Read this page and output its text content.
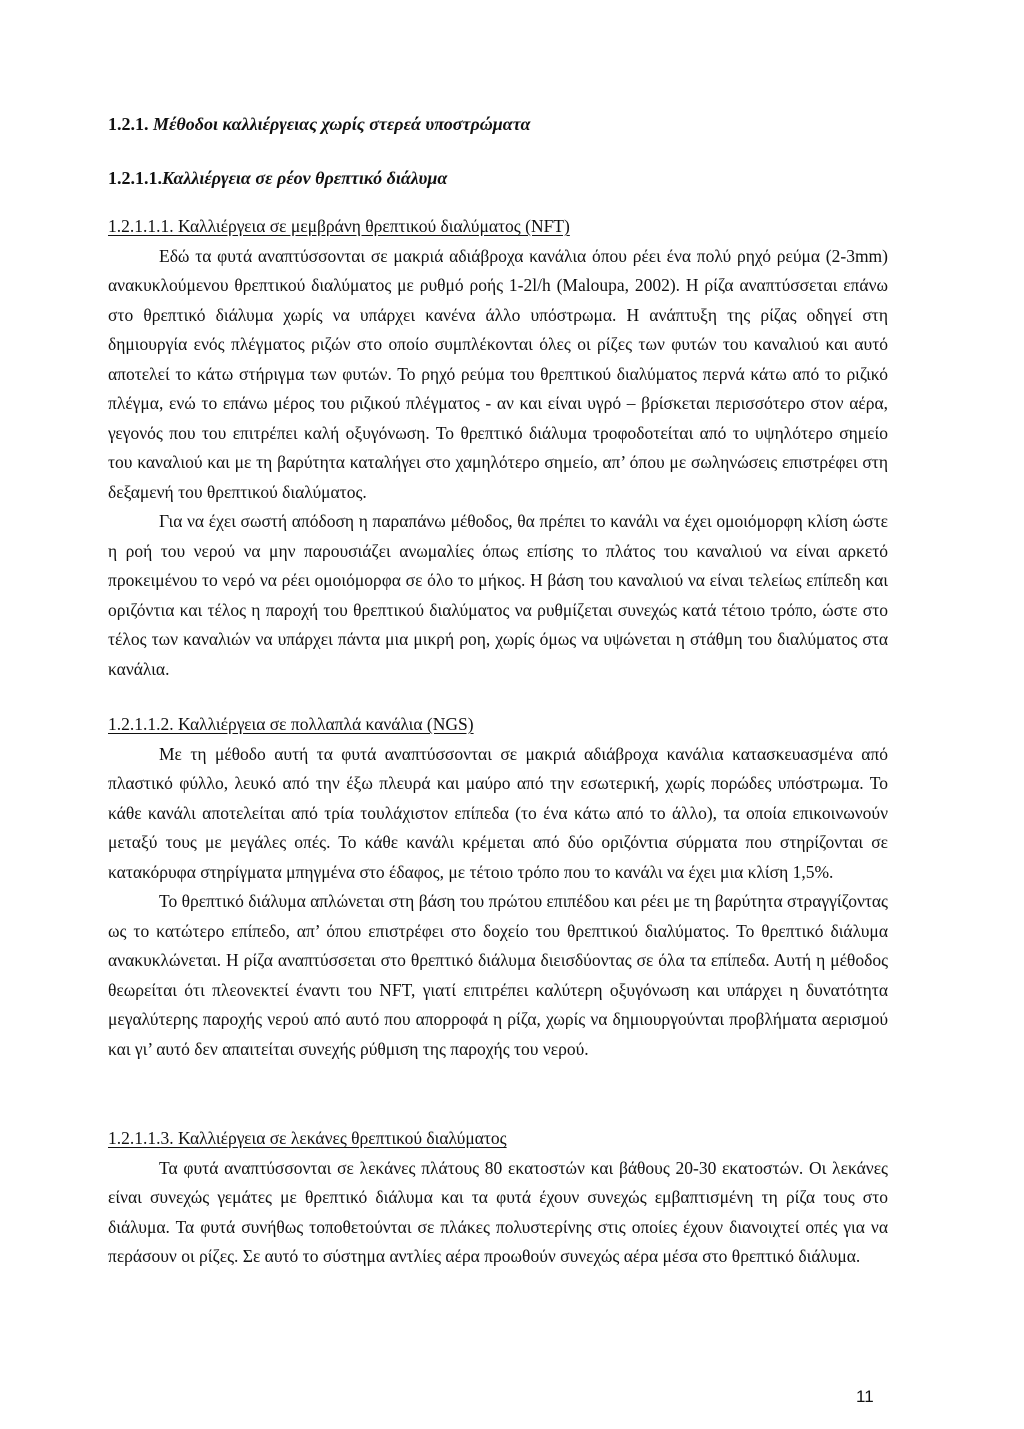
1.2.1. Μέθοδοι καλλιέργειας χωρίς στερεά υποστρώματα
1.2.1.1.Καλλιέργεια σε ρέον θρεπτικό διάλυμα
1.2.1.1.1. Καλλιέργεια σε μεμβράνη θρεπτικού διαλύματος (NFT)

Εδώ τα φυτά αναπτύσσονται σε μακριά αδιάβροχα κανάλια όπου ρέει ένα πολύ ρηχό ρεύμα (2-3mm) ανακυκλούμενου θρεπτικού διαλύματος με ρυθμό ροής 1-2l/h (Maloupa, 2002). Η ρίζα αναπτύσσεται επάνω στο θρεπτικό διάλυμα χωρίς να υπάρχει κανένα άλλο υπόστρωμα. Η ανάπτυξη της ρίζας οδηγεί στη δημιουργία ενός πλέγματος ριζών στο οποίο συμπλέκονται όλες οι ρίζες των φυτών του καναλιού και αυτό αποτελεί το κάτω στήριγμα των φυτών. Το ρηχό ρεύμα του θρεπτικού διαλύματος περνά κάτω από το ριζικό πλέγμα, ενώ το επάνω μέρος του ριζικού πλέγματος - αν και είναι υγρό – βρίσκεται περισσότερο στον αέρα, γεγονός που του επιτρέπει καλή οξυγόνωση. Το θρεπτικό διάλυμα τροφοδοτείται από το υψηλότερο σημείο του καναλιού και με τη βαρύτητα καταλήγει στο χαμηλότερο σημείο, απ’ όπου με σωληνώσεις επιστρέφει στη δεξαμενή του θρεπτικού διαλύματος.

Για να έχει σωστή απόδοση η παραπάνω μέθοδος, θα πρέπει το κανάλι να έχει ομοιόμορφη κλίση ώστε η ροή του νερού να μην παρουσιάζει ανωμαλίες όπως επίσης το πλάτος του καναλιού να είναι αρκετό προκειμένου το νερό να ρέει ομοιόμορφα σε όλο το μήκος. Η βάση του καναλιού να είναι τελείως επίπεδη και οριζόντια και τέλος η παροχή του θρεπτικού διαλύματος να ρυθμίζεται συνεχώς κατά τέτοιο τρόπο, ώστε στο τέλος των καναλιών να υπάρχει πάντα μια μικρή ροη, χωρίς όμως να υψώνεται η στάθμη του διαλύματος στα κανάλια.

1.2.1.1.2. Καλλιέργεια σε πολλαπλά κανάλια (NGS)

Με τη μέθοδο αυτή τα φυτά αναπτύσσονται σε μακριά αδιάβροχα κανάλια κατασκευασμένα από πλαστικό φύλλο, λευκό από την έξω πλευρά και μαύρο από την εσωτερική, χωρίς πορώδες υπόστρωμα. Το κάθε κανάλι αποτελείται από τρία τουλάχιστον επίπεδα (το ένα κάτω από το άλλο), τα οποία επικοινωνούν μεταξύ τους με μεγάλες οπές. Το κάθε κανάλι κρέμεται από δύο οριζόντια σύρματα που στηρίζονται σε κατακόρυφα στηρίγματα μπηγμένα στο έδαφος, με τέτοιο τρόπο που το κανάλι να έχει μια κλίση 1,5%.

Το θρεπτικό διάλυμα απλώνεται στη βάση του πρώτου επιπέδου και ρέει με τη βαρύτητα στραγγίζοντας ως το κατώτερο επίπεδο, απ’ όπου επιστρέφει στο δοχείο του θρεπτικού διαλύματος. Το θρεπτικό διάλυμα ανακυκλώνεται. Η ρίζα αναπτύσσεται στο θρεπτικό διάλυμα διεισδύοντας σε όλα τα επίπεδα. Αυτή η μέθοδος θεωρείται ότι πλεονεκτεί έναντι του NFT, γιατί επιτρέπει καλύτερη οξυγόνωση και υπάρχει η δυνατότητα μεγαλύτερης παροχής νερού από αυτό που απορροφά η ρίζα, χωρίς να δημιουργούνται προβλήματα αερισμού και γι’ αυτό δεν απαιτείται συνεχής ρύθμιση της παροχής του νερού.

1.2.1.1.3. Καλλιέργεια σε λεκάνες θρεπτικού διαλύματος

Τα φυτά αναπτύσσονται σε λεκάνες πλάτους 80 εκατοστών και βάθους 20-30 εκατοστών. Οι λεκάνες είναι συνεχώς γεμάτες με θρεπτικό διάλυμα και τα φυτά έχουν συνεχώς εμβαπτισμένη τη ρίζα τους στο διάλυμα. Τα φυτά συνήθως τοποθετούνται σε πλάκες πολυστερίνης στις οποίες έχουν διανοιχτεί οπές για να περάσουν οι ρίζες. Σε αυτό το σύστημα αντλίες αέρα προωθούν συνεχώς αέρα μέσα στο θρεπτικό διάλυμα.

11
